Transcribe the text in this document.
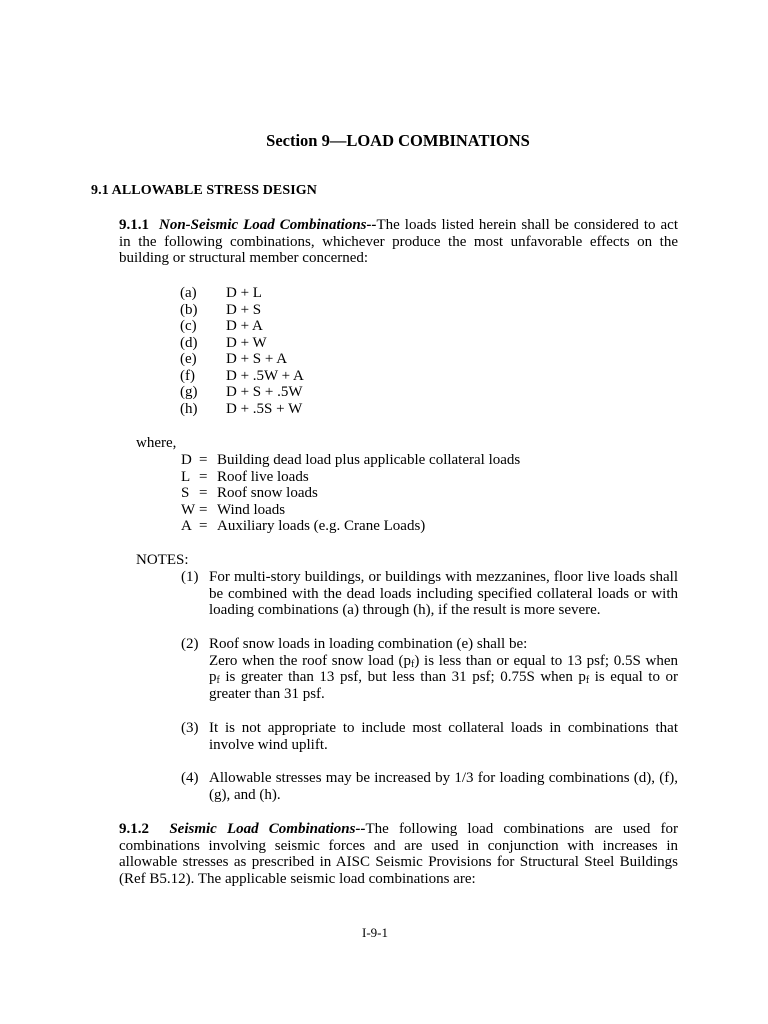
Section 9—LOAD COMBINATIONS
9.1 ALLOWABLE STRESS DESIGN
9.1.1 Non-Seismic Load Combinations--The loads listed herein shall be considered to act in the following combinations, whichever produce the most unfavorable effects on the building or structural member concerned:
(a)	D + L
(b)	D + S
(c)	D + A
(d)	D + W
(e)	D + S + A
(f)	D + .5W + A
(g)	D + S + .5W
(h)	D + .5S + W
where,
D = Building dead load plus applicable collateral loads
L = Roof live loads
S = Roof snow loads
W = Wind loads
A = Auxiliary loads (e.g. Crane Loads)
NOTES:
(1) For multi-story buildings, or buildings with mezzanines, floor live loads shall be combined with the dead loads including specified collateral loads or with loading combinations (a) through (h), if the result is more severe.
(2) Roof snow loads in loading combination (e) shall be:

Zero when the roof snow load $(p_f)$ is less than or equal to 13 psf; 0.5S when $p_f$ is greater than 13 psf, but less than 31 psf; 0.75S when $p_f$ is equal to or greater than 31 psf.

(3) It is not appropriate to include most collateral loads in combinations that involve wind uplift.
(4) Allowable stresses may be increased by 1/3 for loading combinations (d), (f), (g), and (h).
9.1.2 Seismic Load Combinations--The following load combinations are used for combinations involving seismic forces and are used in conjunction with increases in allowable stresses as prescribed in AISC Seismic Provisions for Structural Steel Buildings (Ref B5.12). The applicable seismic load combinations are:
I-9-1
